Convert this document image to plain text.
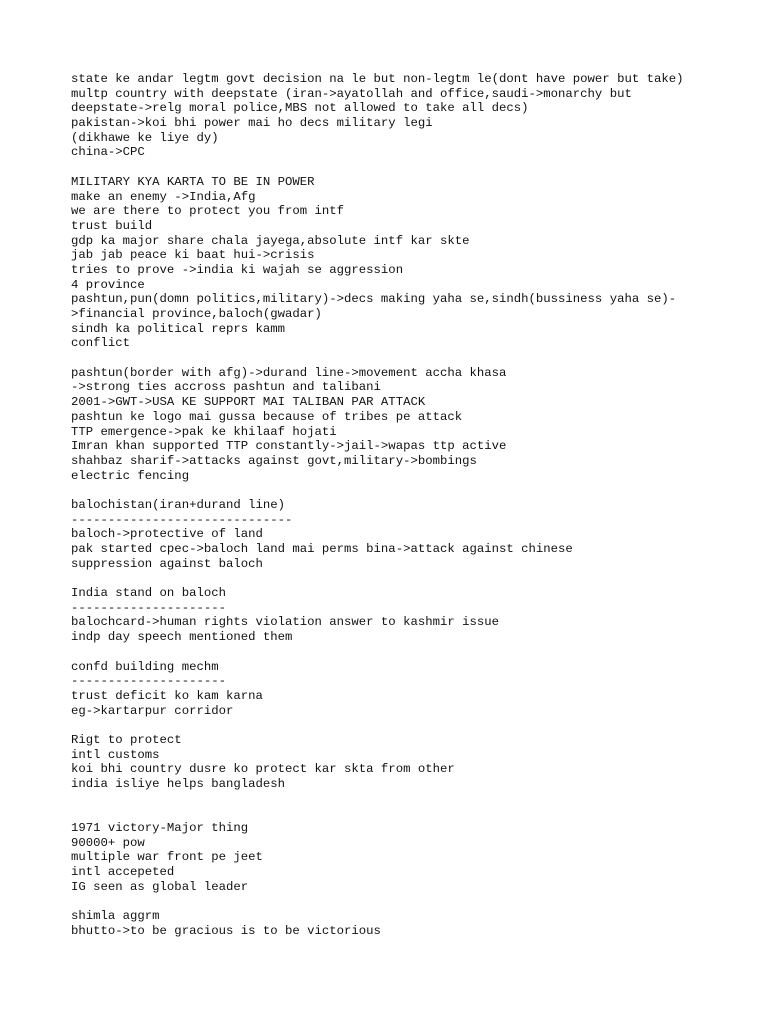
state ke andar legtm govt decision na le but non-legtm le(dont have power but take)
multp country with deepstate (iran->ayatollah and office,saudi->monarchy but
deepstate->relg moral police,MBS not allowed to take all decs)
pakistan->koi bhi power mai ho decs military legi
(dikhawe ke liye dy)
china->CPC
MILITARY KYA KARTA TO BE IN POWER
make an enemy ->India,Afg
we are there to protect you from intf
trust build
gdp ka major share chala jayega,absolute intf kar skte
jab jab peace ki baat hui->crisis
tries to prove ->india ki wajah se aggression
4 province
pashtun,pun(domn politics,military)->decs making yaha se,sindh(bussiness yaha se)-
>financial province,baloch(gwadar)
sindh ka political reprs kamm
conflict
pashtun(border with afg)->durand line->movement accha khasa
->strong ties accross pashtun and talibani
2001->GWT->USA KE SUPPORT MAI TALIBAN PAR ATTACK
pashtun ke logo mai gussa because of tribes pe attack
TTP emergence->pak ke khilaaf hojati
Imran khan supported TTP constantly->jail->wapas ttp active
shahbaz sharif->attacks against govt,military->bombings
electric fencing
balochistan(iran+durand line)
------------------------------
baloch->protective of land
pak started cpec->baloch land mai perms bina->attack against chinese
suppression against baloch
India stand on baloch
---------------------
balochcard->human rights violation answer to kashmir issue
indp day speech mentioned them
confd building mechm
---------------------
trust deficit ko kam karna
eg->kartarpur corridor
Rigt to protect
intl customs
koi bhi country dusre ko protect kar skta from other
india isliye helps bangladesh
1971 victory-Major thing
90000+ pow
multiple war front pe jeet
intl accepeted
IG seen as global leader
shimla aggrm
bhutto->to be gracious is to be victorious
